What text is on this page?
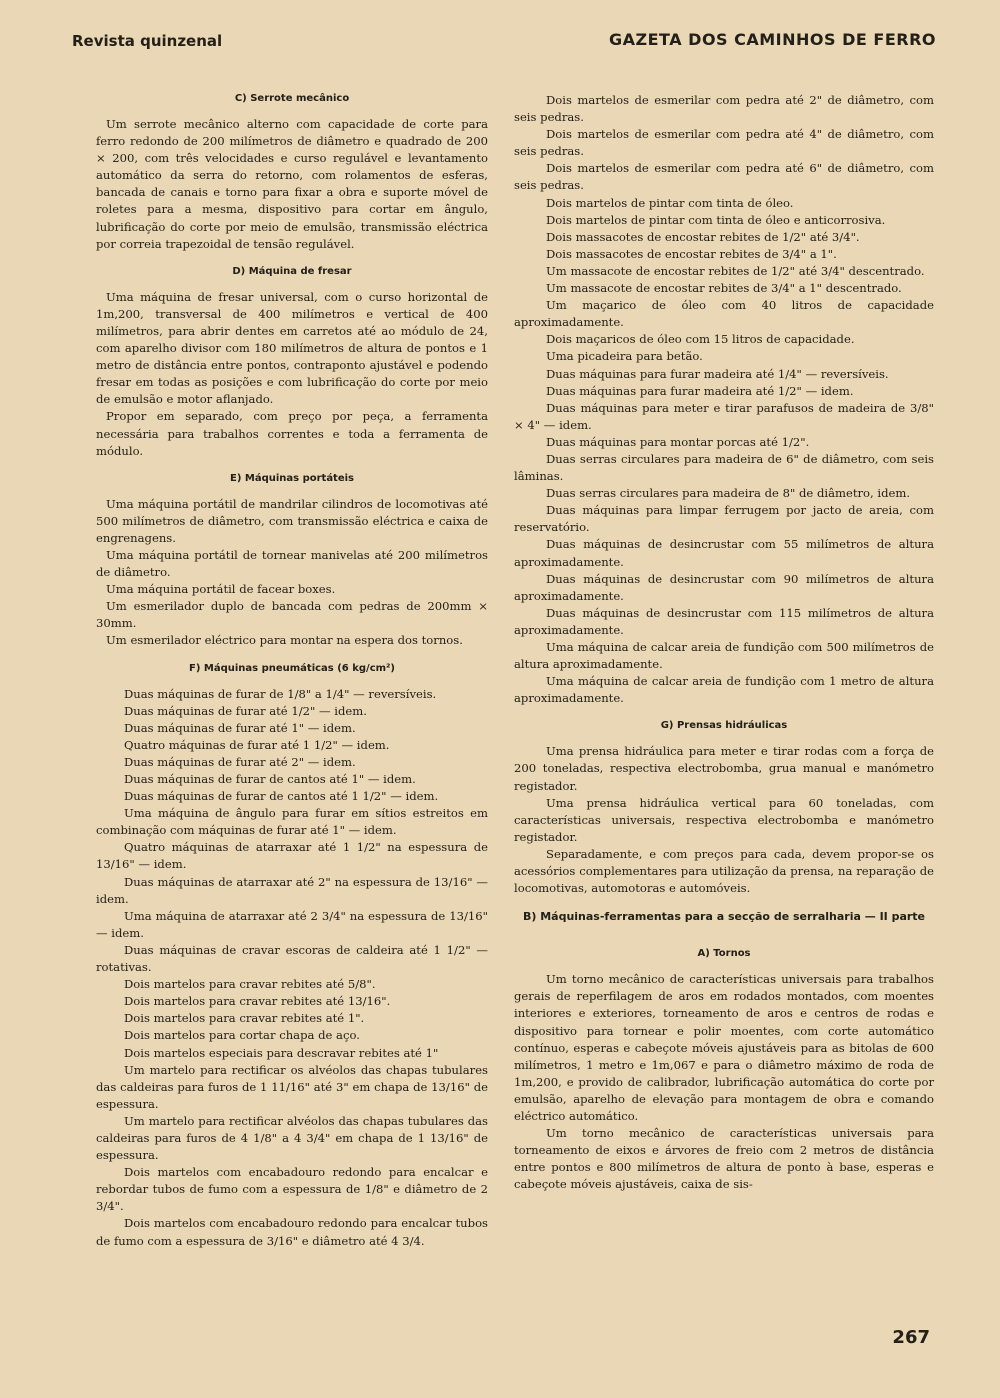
Revista quinzenal	GAZETA DOS CAMINHOS DE FERRO
C) Serrote mecânico
Um serrote mecânico alterno com capacidade de corte para ferro redondo de 200 milímetros de diâmetro e quadrado de 200 × 200, com três velocidades e curso regulável e levantamento automático da serra do retorno, com rolamentos de esferas, bancada de canais e torno para fixar a obra e suporte móvel de roletes para a mesma, dispositivo para cortar em ângulo, lubrificação do corte por meio de emulsão, transmissão eléctrica por correia trapezoidal de tensão regulável.
D) Máquina de fresar
Uma máquina de fresar universal, com o curso horizontal de 1m,200, transversal de 400 milímetros e vertical de 400 milímetros, para abrir dentes em carretos até ao módulo de 24, com aparelho divisor com 180 milímetros de altura de pontos e 1 metro de distância entre pontos, contraponto ajustável e podendo fresar em todas as posições e com lubrificação do corte por meio de emulsão e motor aflanjado.
Propor em separado, com preço por peça, a ferramenta necessária para trabalhos correntes e toda a ferramenta de módulo.
E) Máquinas portáteis
Uma máquina portátil de mandrilar cilindros de locomotivas até 500 milímetros de diâmetro, com transmissão eléctrica e caixa de engrenagens.
Uma máquina portátil de tornear manivelas até 200 milímetros de diâmetro.
Uma máquina portátil de facear boxes.
Um esmerilador duplo de bancada com pedras de 200mm × 30mm.
Um esmerilador eléctrico para montar na espera dos tornos.
F) Máquinas pneumáticas (6 kg/cm²)
Duas máquinas de furar de 1/8" a 1/4" — reversíveis.
Duas máquinas de furar até 1/2" — idem.
Duas máquinas de furar até 1" — idem.
Quatro máquinas de furar até 1 1/2" — idem.
Duas máquinas de furar até 2" — idem.
Duas máquinas de furar de cantos até 1" — idem.
Duas máquinas de furar de cantos até 1 1/2" — idem.
Uma máquina de ângulo para furar em sítios estreitos em combinação com máquinas de furar até 1" — idem.
Quatro máquinas de atarraxar até 1 1/2" na espessura de 13/16" — idem.
Duas máquinas de atarraxar até 2" na espessura de 13/16" — idem.
Uma máquina de atarraxar até 2 3/4" na espessura de 13/16" — idem.
Duas máquinas de cravar escoras de caldeira até 1 1/2" — rotativas.
Dois martelos para cravar rebites até 5/8".
Dois martelos para cravar rebites até 13/16".
Dois martelos para cravar rebites até 1".
Dois martelos para cortar chapa de aço.
Dois martelos especiais para descravar rebites até 1"
Um martelo para rectificar os alvéolos das chapas tubulares das caldeiras para furos de 1 11/16" até 3" em chapa de 13/16" de espessura.
Um martelo para rectificar alvéolos das chapas tubulares das caldeiras para furos de 4 1/8" a 4 3/4" em chapa de 1 13/16" de espessura.
Dois martelos com encabadouro redondo para encalcar e rebordar tubos de fumo com a espessura de 1/8" e diâmetro de 2 3/4".
Dois martelos com encabadouro redondo para encalcar tubos de fumo com a espessura de 3/16" e diâmetro até 4 3/4.
Dois martelos de esmerilar com pedra até 2" de diâmetro, com seis pedras.
Dois martelos de esmerilar com pedra até 4" de diâmetro, com seis pedras.
Dois martelos de esmerilar com pedra até 6" de diâmetro, com seis pedras.
Dois martelos de pintar com tinta de óleo.
Dois martelos de pintar com tinta de óleo e anticorrosiva.
Dois massacotes de encostar rebites de 1/2" até 3/4".
Dois massacotes de encostar rebites de 3/4" a 1".
Um massacote de encostar rebites de 1/2" até 3/4" descentrado.
Um massacote de encostar rebites de 3/4" a 1" descentrado.
Um maçarico de óleo com 40 litros de capacidade aproximadamente.
Dois maçaricos de óleo com 15 litros de capacidade.
Uma picadeira para betão.
Duas máquinas para furar madeira até 1/4" — reversíveis.
Duas máquinas para furar madeira até 1/2" — idem.
Duas máquinas para meter e tirar parafusos de madeira de 3/8" × 4" — idem.
Duas máquinas para montar porcas até 1/2".
Duas serras circulares para madeira de 6" de diâmetro, com seis lâminas.
Duas serras circulares para madeira de 8" de diâmetro, idem.
Duas máquinas para limpar ferrugem por jacto de areia, com reservatório.
Duas máquinas de desincrustar com 55 milímetros de altura aproximadamente.
Duas máquinas de desincrustar com 90 milímetros de altura aproximadamente.
Duas máquinas de desincrustar com 115 milímetros de altura aproximadamente.
Uma máquina de calcar areia de fundição com 500 milímetros de altura aproximadamente.
Uma máquina de calcar areia de fundição com 1 metro de altura aproximadamente.
G) Prensas hidráulicas
Uma prensa hidráulica para meter e tirar rodas com a força de 200 toneladas, respectiva electrobomba, grua manual e manómetro registador.
Uma prensa hidráulica vertical para 60 toneladas, com características universais, respectiva electrobomba e manómetro registador.
Separadamente, e com preços para cada, devem propor-se os acessórios complementares para utilização da prensa, na reparação de locomotivas, automotoras e automóveis.
B) Máquinas-ferramentas para a secção de serralharia — II parte
A) Tornos
Um torno mecânico de características universais para trabalhos gerais de reperfilagem de aros em rodados montados, com moentes interiores e exteriores, torneamento de aros e centros de rodas e dispositivo para tornear e polir moentes, com corte automático contínuo, esperas e cabeçote móveis ajustáveis para as bitolas de 600 milímetros, 1 metro e 1m,067 e para o diâmetro máximo de roda de 1m,200, e provido de calibrador, lubrificação automática do corte por emulsão, aparelho de elevação para montagem de obra e comando eléctrico automático.
Um torno mecânico de características universais para torneamento de eixos e árvores de freio com 2 metros de distância entre pontos e 800 milímetros de altura de ponto à base, esperas e cabeçote móveis ajustáveis, caixa de sis-
267
